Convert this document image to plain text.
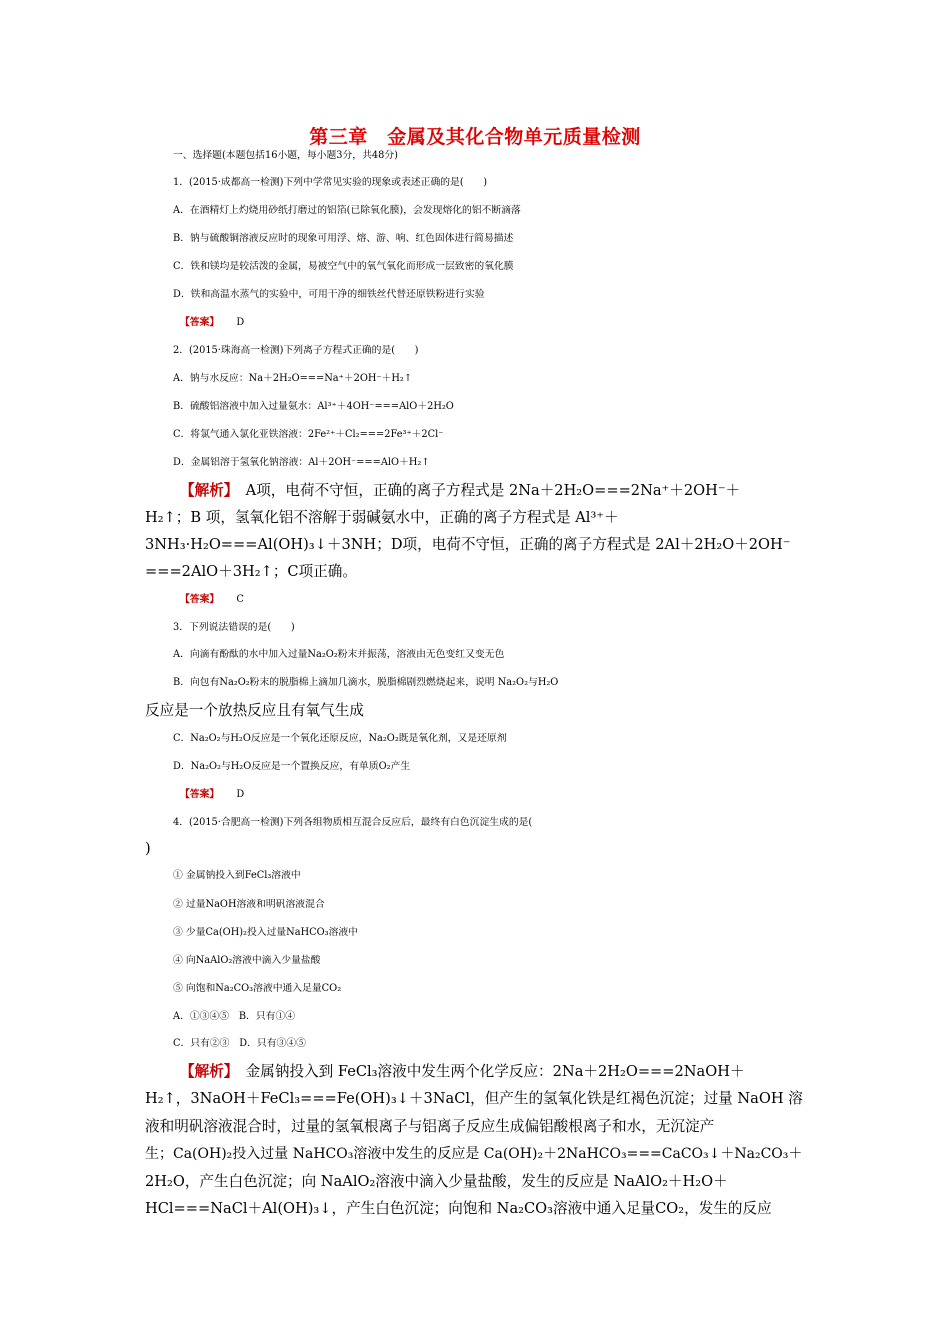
第三章　金属及其化合物单元质量检测
一、选择题(本题包括16小题，每小题3分，共48分)
1．(2015·成都高一检测)下列中学常见实验的现象或表述正确的是(　　)
A．在酒精灯上灼烧用砂纸打磨过的铝箔(已除氧化膜)，会发现熔化的铝不断滴落
B．钠与硫酸铜溶液反应时的现象可用浮、熔、游、响、红色固体进行简易描述
C．铁和镁均是较活泼的金属，易被空气中的氧气氧化而形成一层致密的氧化膜
D．铁和高温水蒸气的实验中，可用干净的细铁丝代替还原铁粉进行实验
【答案】 D
2．(2015·珠海高一检测)下列离子方程式正确的是(　　)
A．钠与水反应：Na＋2H₂O===Na⁺＋2OH⁻＋H₂↑
B．硫酸铝溶液中加入过量氨水：Al³⁺＋4OH⁻===AlO＋2H₂O
C．将氯气通入氯化亚铁溶液：2Fe²⁺＋Cl₂===2Fe³⁺＋2Cl⁻
D．金属铝溶于氢氧化钠溶液：Al＋2OH⁻===AlO＋H₂↑
【解析】　A项，电荷不守恒，正确的离子方程式是 2Na＋2H₂O===2Na⁺＋2OH⁻＋
H₂↑；B 项，氢氧化铝不溶解于弱碱氨水中，正确的离子方程式是 Al³⁺＋
3NH₃·H₂O===Al(OH)₃↓＋3NH；D项，电荷不守恒，正确的离子方程式是 2Al＋2H₂O＋2OH⁻
===2AlO＋3H₂↑；C项正确。
【答案】 C
3．下列说法错误的是(　　)
A．向滴有酚酞的水中加入过量Na₂O₂粉末并振荡，溶液由无色变红又变无色
B．向包有Na₂O₂粉末的脱脂棉上滴加几滴水，脱脂棉剧烈燃烧起来，说明 Na₂O₂与H₂O
反应是一个放热反应且有氧气生成
C．Na₂O₂与H₂O反应是一个氧化还原反应，Na₂O₂既是氧化剂，又是还原剂
D．Na₂O₂与H₂O反应是一个置换反应，有单质O₂产生
【答案】 D
4．(2015·合肥高一检测)下列各组物质相互混合反应后，最终有白色沉淀生成的是(
)
① 金属钠投入到FeCl₃溶液中
② 过量NaOH溶液和明矾溶液混合
③ 少量Ca(OH)₂投入过量NaHCO₃溶液中
④ 向NaAlO₂溶液中滴入少量盐酸
⑤ 向饱和Na₂CO₃溶液中通入足量CO₂
A．①③④⑤　B．只有①④
C．只有②③　D．只有③④⑤
【解析】　金属钠投入到 FeCl₃溶液中发生两个化学反应：2Na＋2H₂O===2NaOH＋
H₂↑，3NaOH＋FeCl₃===Fe(OH)₃↓＋3NaCl，但产生的氢氧化铁是红褐色沉淀；过量 NaOH 溶
液和明矾溶液混合时，过量的氢氧根离子与铝离子反应生成偏铝酸根离子和水，无沉淀产
生；Ca(OH)₂投入过量 NaHCO₃溶液中发生的反应是 Ca(OH)₂＋2NaHCO₃===CaCO₃↓＋Na₂CO₃＋
2H₂O，产生白色沉淀；向 NaAlO₂溶液中滴入少量盐酸，发生的反应是 NaAlO₂＋H₂O＋
HCl===NaCl＋Al(OH)₃↓，产生白色沉淀；向饱和 Na₂CO₃溶液中通入足量CO₂，发生的反应
